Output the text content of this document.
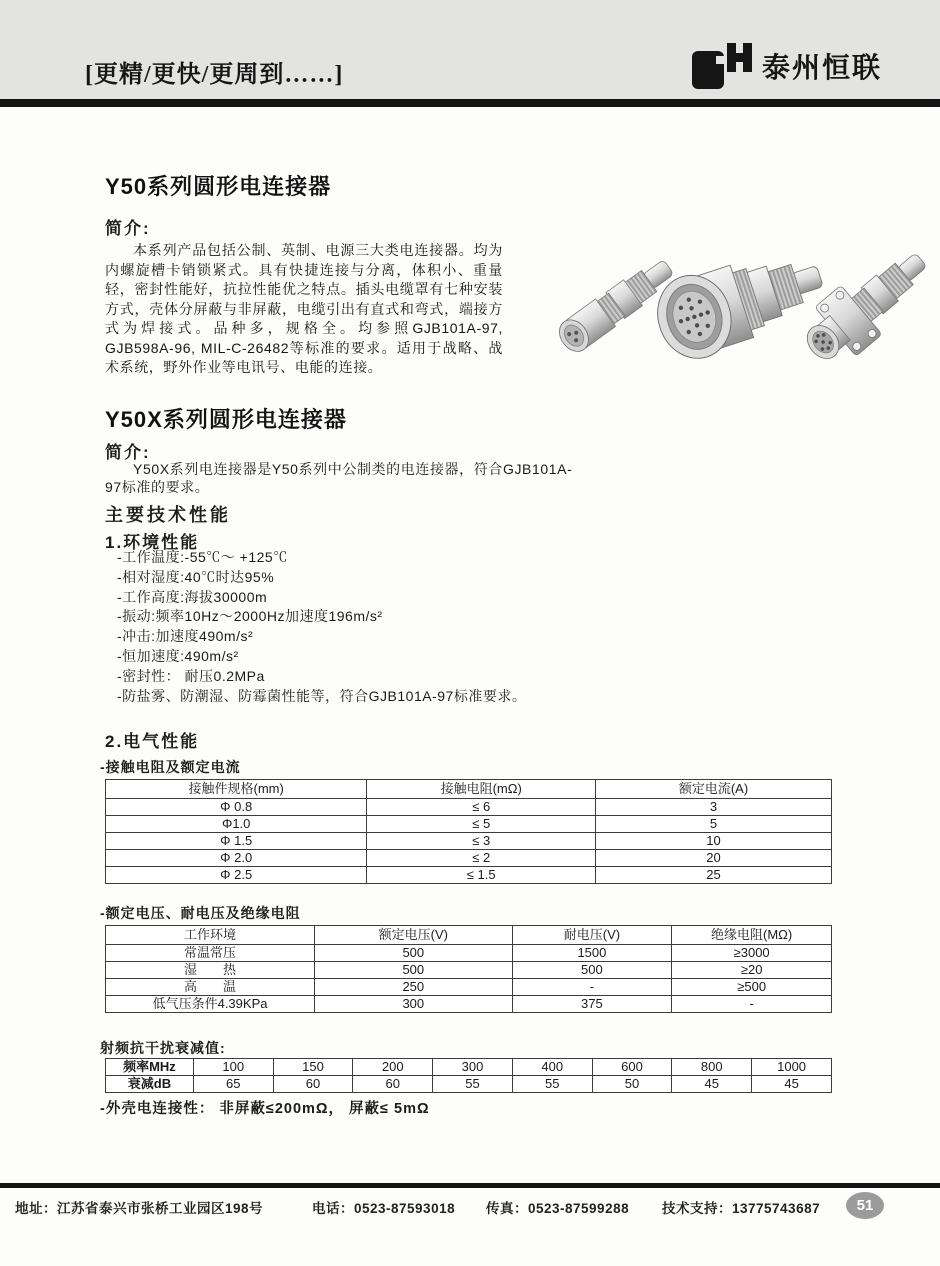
[更精/更快/更周到……]	泰州恒联
Y50系列圆形电连接器
简介:
本系列产品包括公制、英制、电源三大类电连接器。均为内螺旋槽卡销锁紧式。具有快捷连接与分离，体积小、重量轻，密封性能好，抗拉性能优之特点。插头电缆罩有七种安装方式，壳体分屏蔽与非屏蔽，电缆引出有直式和弯式，端接方式为焊接式。品种多，规格全。均参照GJB101A-97, GJB598A-96, MIL-C-26482等标准的要求。适用于战略、战术系统，野外作业等电讯号、电能的连接。
Y50X系列圆形电连接器
简介:
Y50X系列电连接器是Y50系列中公制类的电连接器，符合GJB101A-
97标准的要求。
主要技术性能
1.环境性能
-工作温度:-55℃～ +125℃
-相对湿度:40℃时达95%
-工作高度:海拔30000m
-振动:频率10Hz～2000Hz加速度196m/s²
-冲击:加速度490m/s²
-恒加速度:490m/s²
-密封性： 耐压0.2MPa
-防盐雾、防潮湿、防霉菌性能等，符合GJB101A-97标准要求。
2.电气性能
-接触电阻及额定电流
接触件规格(mm)	接触电阻(mΩ)	额定电流(A)
Φ 0.8	≤ 6	3
Φ1.0	≤ 5	5
Φ 1.5	≤ 3	10
Φ 2.0	≤ 2	20
Φ 2.5	≤ 1.5	25
-额定电压、耐电压及绝缘电阻
工作环境	额定电压(V)	耐电压(V)	绝缘电阻(MΩ)
常温常压	500	1500	≥3000
湿　　热	500	500	≥20
高　　温	250	-	≥500
低气压条件4.39KPa	300	375	-
射频抗干扰衰减值:
频率MHz	100	150	200	300	400	600	800	1000
衰减dB	65	60	60	55	55	50	45	45
-外壳电连接性： 非屏蔽≤200mΩ， 屏蔽≤ 5mΩ
地址：江苏省泰兴市张桥工业园区198号	电话：0523-87593018 传真：0523-87599288 技术支持：13775743687	51
